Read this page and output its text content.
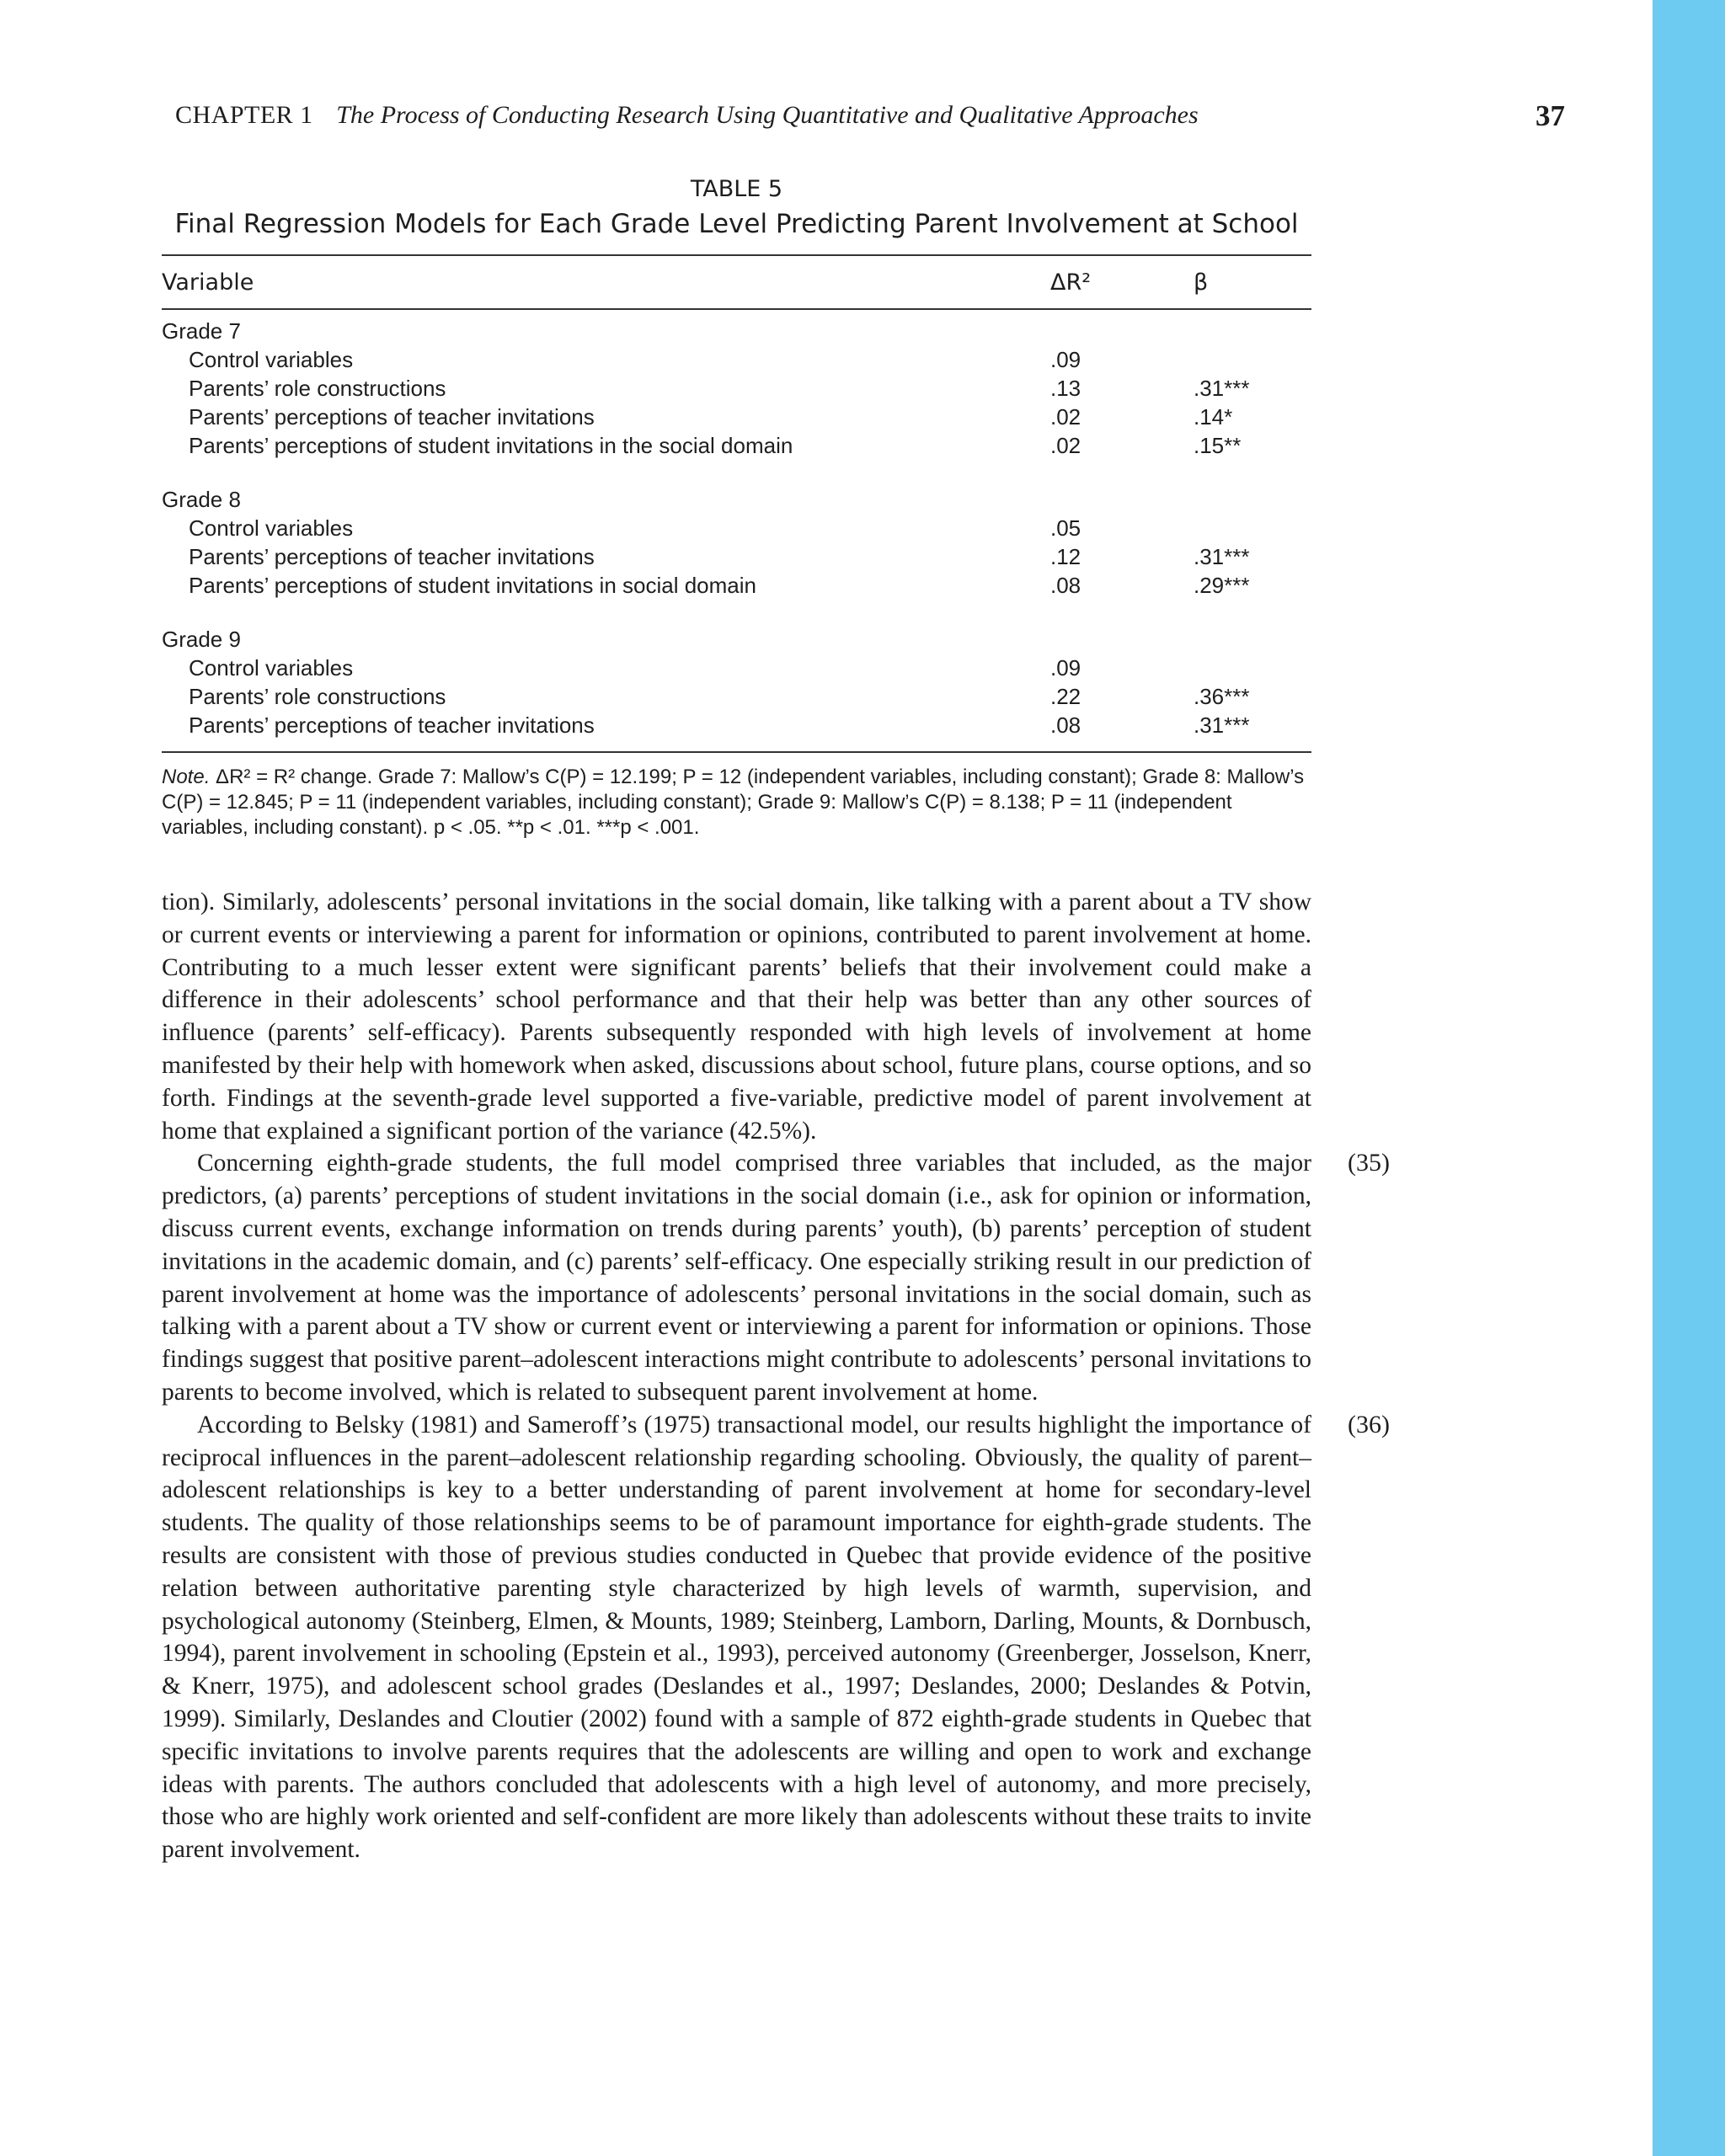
CHAPTER 1 The Process of Conducting Research Using Quantitative and Qualitative Approaches	37
TABLE 5
Final Regression Models for Each Grade Level Predicting Parent Involvement at School
Variable	ΔR²	β
Grade 7
Control variables	.09
Parents’ role constructions	.13	.31***
Parents’ perceptions of teacher invitations	.02	.14*
Parents’ perceptions of student invitations in the social domain	.02	.15**
Grade 8
Control variables	.05
Parents’ perceptions of teacher invitations	.12	.31***
Parents’ perceptions of student invitations in social domain	.08	.29***
Grade 9
Control variables	.09
Parents’ role constructions	.22	.36***
Parents’ perceptions of teacher invitations	.08	.31***
Note. ΔR² = R² change. Grade 7: Mallow’s C(P) = 12.199; P = 12 (independent variables, including constant); Grade 8: Mallow’s C(P) = 12.845; P = 11 (independent variables, including constant); Grade 9: Mallow’s C(P) = 8.138; P = 11 (independent variables, including constant). p < .05. **p < .01. ***p < .001.

tion). Similarly, adolescents’ personal invitations in the social domain, like talking with a parent about a TV show or current events or interviewing a parent for information or opinions, contributed to parent involvement at home. Contributing to a much lesser extent were significant parents’ beliefs that their involvement could make a difference in their adolescents’ school performance and that their help was better than any other sources of influence (parents’ self-efficacy). Parents subsequently responded with high levels of involvement at home manifested by their help with homework when asked, discussions about school, future plans, course options, and so forth. Findings at the seventh-grade level supported a five-variable, predictive model of parent involvement at home that explained a significant portion of the variance (42.5%).

(35)
Concerning eighth-grade students, the full model comprised three variables that included, as the major predictors, (a) parents’ perceptions of student invitations in the social domain (i.e., ask for opinion or information, discuss current events, exchange information on trends during parents’ youth), (b) parents’ perception of student invitations in the academic domain, and (c) parents’ self-efficacy. One especially striking result in our prediction of parent involvement at home was the importance of adolescents’ personal invitations in the social domain, such as talking with a parent about a TV show or current event or interviewing a parent for information or opinions. Those findings suggest that positive parent–adolescent interactions might contribute to adolescents’ personal invitations to parents to become involved, which is related to subsequent parent involvement at home.

(36)
According to Belsky (1981) and Sameroff’s (1975) transactional model, our results highlight the importance of reciprocal influences in the parent–adolescent relationship regarding schooling. Obviously, the quality of parent–adolescent relationships is key to a better understanding of parent involvement at home for secondary-level students. The quality of those relationships seems to be of paramount importance for eighth-grade students. The results are consistent with those of previous studies conducted in Quebec that provide evidence of the positive relation between authoritative parenting style characterized by high levels of warmth, supervision, and psychological autonomy (Steinberg, Elmen, & Mounts, 1989; Steinberg, Lamborn, Darling, Mounts, & Dornbusch, 1994), parent involvement in schooling (Epstein et al., 1993), perceived autonomy (Greenberger, Josselson, Knerr, & Knerr, 1975), and adolescent school grades (Deslandes et al., 1997; Deslandes, 2000; Deslandes & Potvin, 1999). Similarly, Deslandes and Cloutier (2002) found with a sample of 872 eighth-grade students in Quebec that specific invitations to involve parents requires that the adolescents are willing and open to work and exchange ideas with parents. The authors concluded that adolescents with a high level of autonomy, and more precisely, those who are highly work oriented and self-confident are more likely than adolescents without these traits to invite parent involvement.
